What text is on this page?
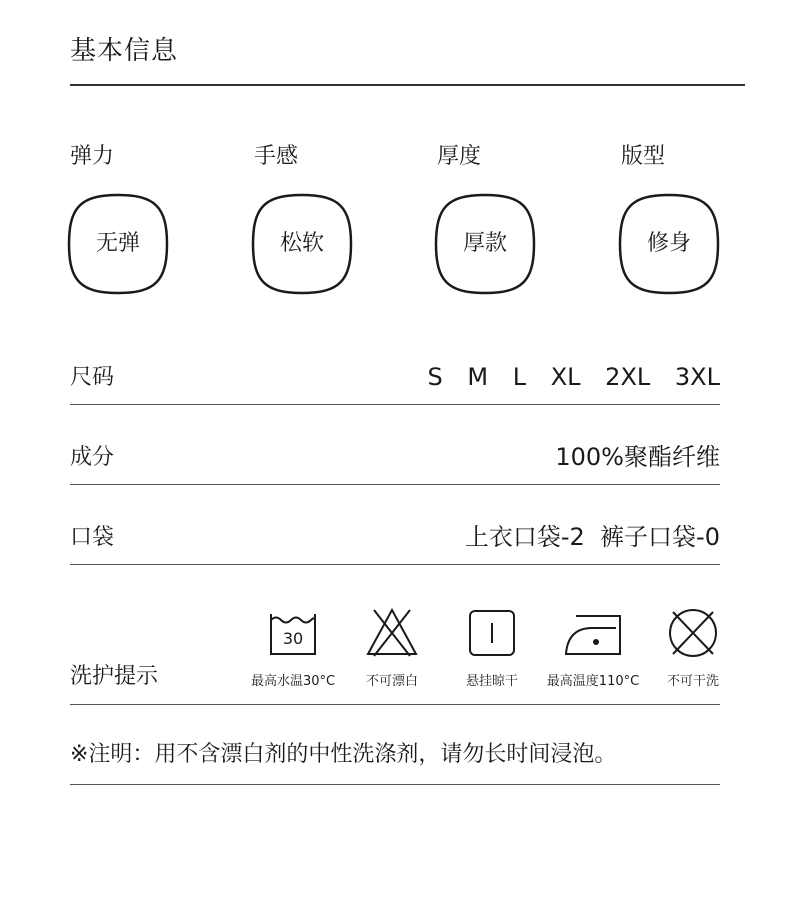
基本信息
弹力
无弹
手感
松软
厚度
厚款
版型
修身
尺码	S M L XL 2XL 3XL
成分	100%聚酯纤维
口袋	上衣口袋-2  裤子口袋-0
洗护提示
30
最高水温30°C	不可漂白	悬挂晾干	最高温度110°C	不可干洗
※注明：用不含漂白剂的中性洗涤剂，请勿长时间浸泡。
